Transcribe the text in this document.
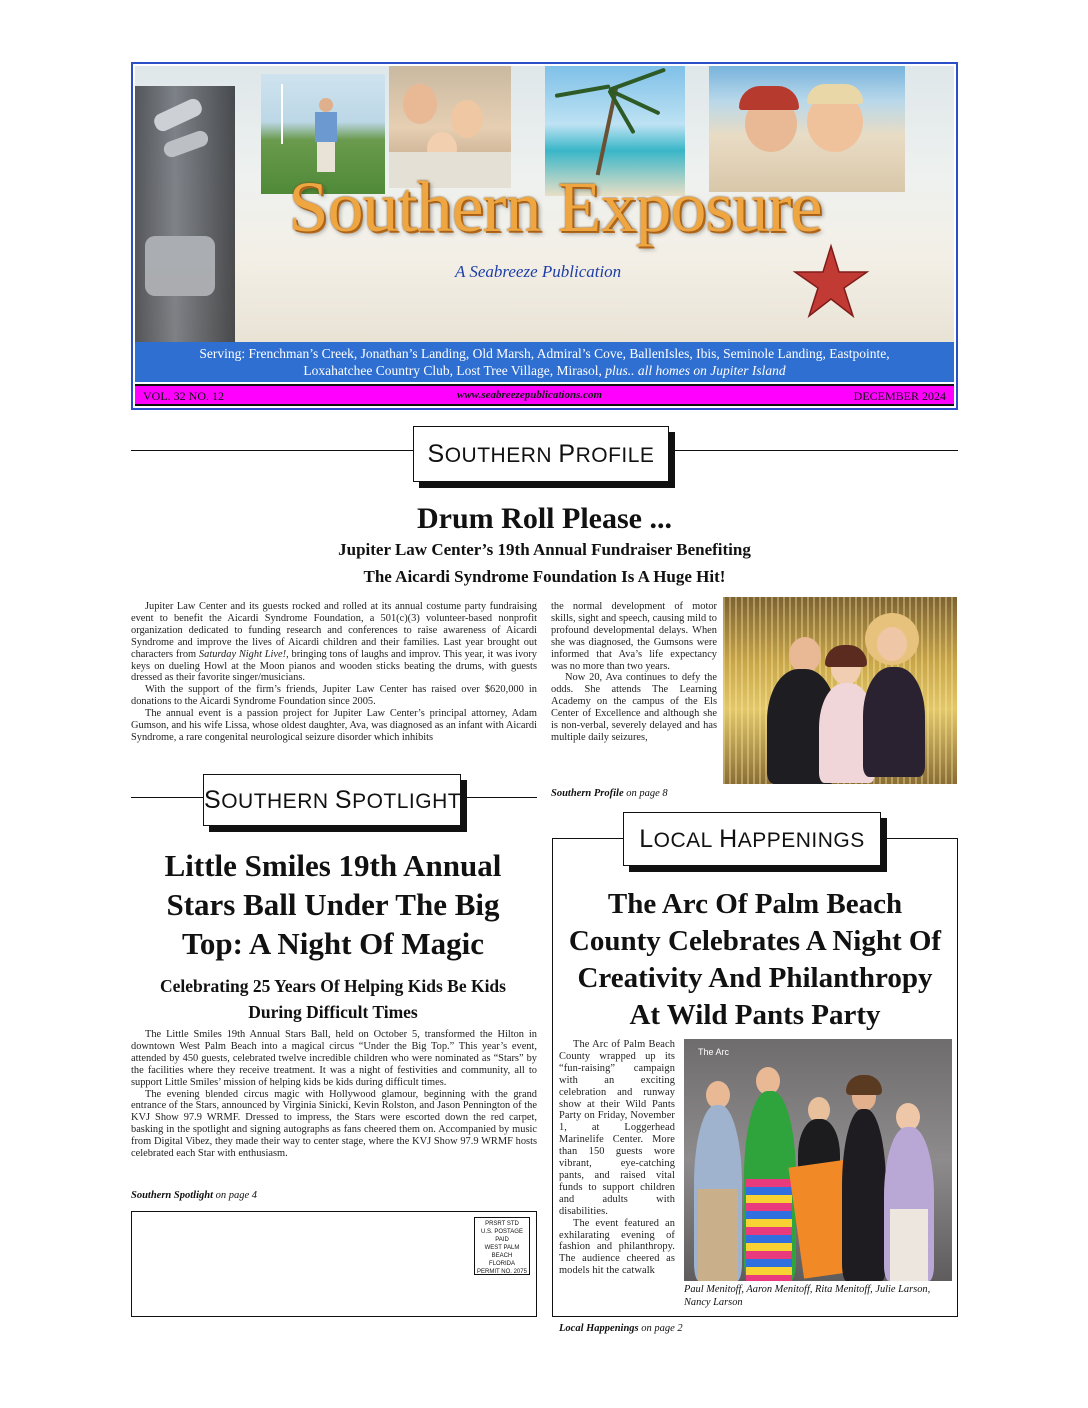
Southern Exposure
A Seabreeze Publication
Serving: Frenchman’s Creek, Jonathan’s Landing, Old Marsh, Admiral’s Cove, BallenIsles, Ibis, Seminole Landing, Eastpointe,
Loxahatchee Country Club, Lost Tree Village, Mirasol, plus.. all homes on Jupiter Island
VOL. 32 NO. 12	www.seabreezepublications.com	DECEMBER 2024
SOUTHERN PROFILE
Drum Roll Please ...
Jupiter Law Center’s 19th Annual Fundraiser Benefiting
The Aicardi Syndrome Foundation Is A Huge Hit!

Jupiter Law Center and its guests rocked and rolled at its annual costume party fundraising event to benefit the Aicardi Syndrome Foundation, a 501(c)(3) volunteer-based nonprofit organization dedicated to funding research and conferences to raise awareness of Aicardi Syndrome and improve the lives of Aicardi children and their families. Last year brought out characters from Saturday Night Live!, bringing tons of laughs and improv. This year, it was ivory keys on dueling Howl at the Moon pianos and wooden sticks beating the drums, with guests dressed as their favorite singer/musicians.

With the support of the firm’s friends, Jupiter Law Center has raised over $620,000 in donations to the Aicardi Syndrome Foundation since 2005.

The annual event is a passion project for Jupiter Law Center’s principal attorney, Adam Gumson, and his wife Lissa, whose oldest daughter, Ava, was diagnosed as an infant with Aicardi Syndrome, a rare congenital neurological seizure disorder which inhibits

the normal development of motor skills, sight and speech, causing mild to profound developmental delays. When she was diagnosed, the Gumsons were informed that Ava’s life expectancy was no more than two years.

Now 20, Ava continues to defy the odds. She attends The Learning Academy on the campus of the Els Center of Excellence and although she is non-verbal, severely delayed and has multiple daily seizures,

Southern Profile on page 8
SOUTHERN SPOTLIGHT
Little Smiles 19th Annual
Stars Ball Under The Big
Top: A Night Of Magic
Celebrating 25 Years Of Helping Kids Be Kids
During Difficult Times

The Little Smiles 19th Annual Stars Ball, held on October 5, transformed the Hilton in downtown West Palm Beach into a magical circus “Under the Big Top.” This year’s event, attended by 450 guests, celebrated twelve incredible children who were nominated as “Stars” by the facilities where they receive treatment. It was a night of festivities and community, all to support Little Smiles’ mission of helping kids be kids during difficult times.

The evening blended circus magic with Hollywood glamour, beginning with the grand entrance of the Stars, announced by Virginia Sinicki, Kevin Rolston, and Jason Pennington of the KVJ Show 97.9 WRMF. Dressed to impress, the Stars were escorted down the red carpet, basking in the spotlight and signing autographs as fans cheered them on. Accompanied by music from Digital Vibez, they made their way to center stage, where the KVJ Show 97.9 WRMF hosts celebrated each Star with enthusiasm.

Southern Spotlight on page 4
PRSRT STD
U.S. POSTAGE
PAID
WEST PALM BEACH
FLORIDA
PERMIT NO. 2075
LOCAL HAPPENINGS
The Arc Of Palm Beach
County Celebrates A Night Of
Creativity And Philanthropy
At Wild Pants Party

The Arc of Palm Beach County wrapped up its “fun-raising” campaign with an exciting celebration and runway show at their Wild Pants Party on Friday, November 1, at Loggerhead Marinelife Center. More than 150 guests wore vibrant, eye-catching pants, and raised vital funds to support children and adults with disabilities.

The event featured an exhilarating evening of fashion and philanthropy. The audience cheered as models hit the catwalk

The Arc
Paul Menitoff, Aaron Menitoff, Rita Menitoff, Julie Larson, Nancy Larson
Local Happenings on page 2
